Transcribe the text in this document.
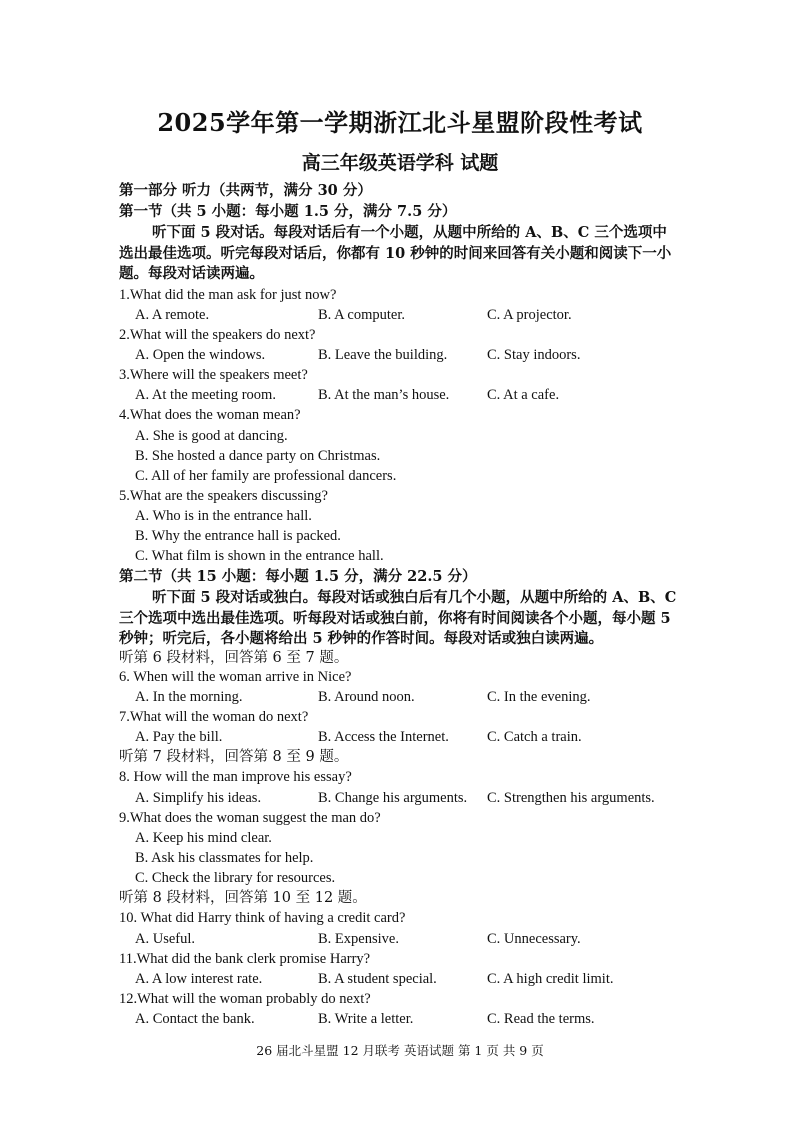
2025学年第一学期浙江北斗星盟阶段性考试
高三年级英语学科 试题
第一部分 听力（共两节，满分 30 分）
第一节（共 5 小题：每小题 1.5 分，满分 7.5 分）
听下面 5 段对话。每段对话后有一个小题，从题中所给的 A、B、C 三个选项中
选出最佳选项。听完每段对话后，你都有 10 秒钟的时间来回答有关小题和阅读下一小
题。每段对话读两遍。
1.What did the man ask for just now?
A. A remote.	B. A computer.	C. A projector.
2.What will the speakers do next?
A. Open the windows.	B. Leave the building.	C. Stay indoors.
3.Where will the speakers meet?
A. At the meeting room.	B. At the man’s house.	C. At a cafe.
4.What does the woman mean?
A. She is good at dancing.
B. She hosted a dance party on Christmas.
C. All of her family are professional dancers.
5.What are the speakers discussing?
A. Who is in the entrance hall.
B. Why the entrance hall is packed.
C. What film is shown in the entrance hall.
第二节（共 15 小题：每小题 1.5 分，满分 22.5 分）
听下面 5 段对话或独白。每段对话或独白后有几个小题，从题中所给的 A、B、C
三个选项中选出最佳选项。听每段对话或独白前，你将有时间阅读各个小题，每小题 5
秒钟；听完后，各小题将给出 5 秒钟的作答时间。每段对话或独白读两遍。
听第 6 段材料，回答第 6 至 7 题。
6. When will the woman arrive in Nice?
A. In the morning.	B. Around noon.	C. In the evening.
7.What will the woman do next?
A. Pay the bill.	B. Access the Internet.	C. Catch a train.
听第 7 段材料，回答第 8 至 9 题。
8. How will the man improve his essay?
A. Simplify his ideas.	B. Change his arguments. C. Strengthen his arguments.
9.What does the woman suggest the man do?
A. Keep his mind clear.
B. Ask his classmates for help.
C. Check the library for resources.
听第 8 段材料，回答第 10 至 12 题。
10. What did Harry think of having a credit card?
A. Useful.	B. Expensive.	C. Unnecessary.
11.What did the bank clerk promise Harry?
A. A low interest rate.	B. A student special.	C. A high credit limit.
12.What will the woman probably do next?
A. Contact the bank.	B. Write a letter.	C. Read the terms.
26 届北斗星盟 12 月联考 英语试题 第 1 页 共 9 页
